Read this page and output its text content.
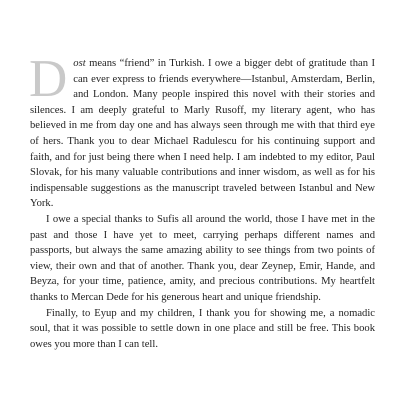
Dost means “friend” in Turkish. I owe a bigger debt of gratitude than I can ever express to friends everywhere—Istanbul, Amsterdam, Berlin, and London. Many people inspired this novel with their stories and silences. I am deeply grateful to Marly Rusoff, my literary agent, who has believed in me from day one and has always seen through me with that third eye of hers. Thank you to dear Michael Radulescu for his continuing support and faith, and for just being there when I need help. I am indebted to my editor, Paul Slovak, for his many valuable contributions and inner wisdom, as well as for his indispensable suggestions as the manuscript traveled between Istanbul and New York.

I owe a special thanks to Sufis all around the world, those I have met in the past and those I have yet to meet, carrying perhaps different names and passports, but always the same amazing ability to see things from two points of view, their own and that of another. Thank you, dear Zeynep, Emir, Hande, and Beyza, for your time, patience, amity, and precious contributions. My heartfelt thanks to Mercan Dede for his generous heart and unique friendship.

Finally, to Eyup and my children, I thank you for showing me, a nomadic soul, that it was possible to settle down in one place and still be free. This book owes you more than I can tell.
